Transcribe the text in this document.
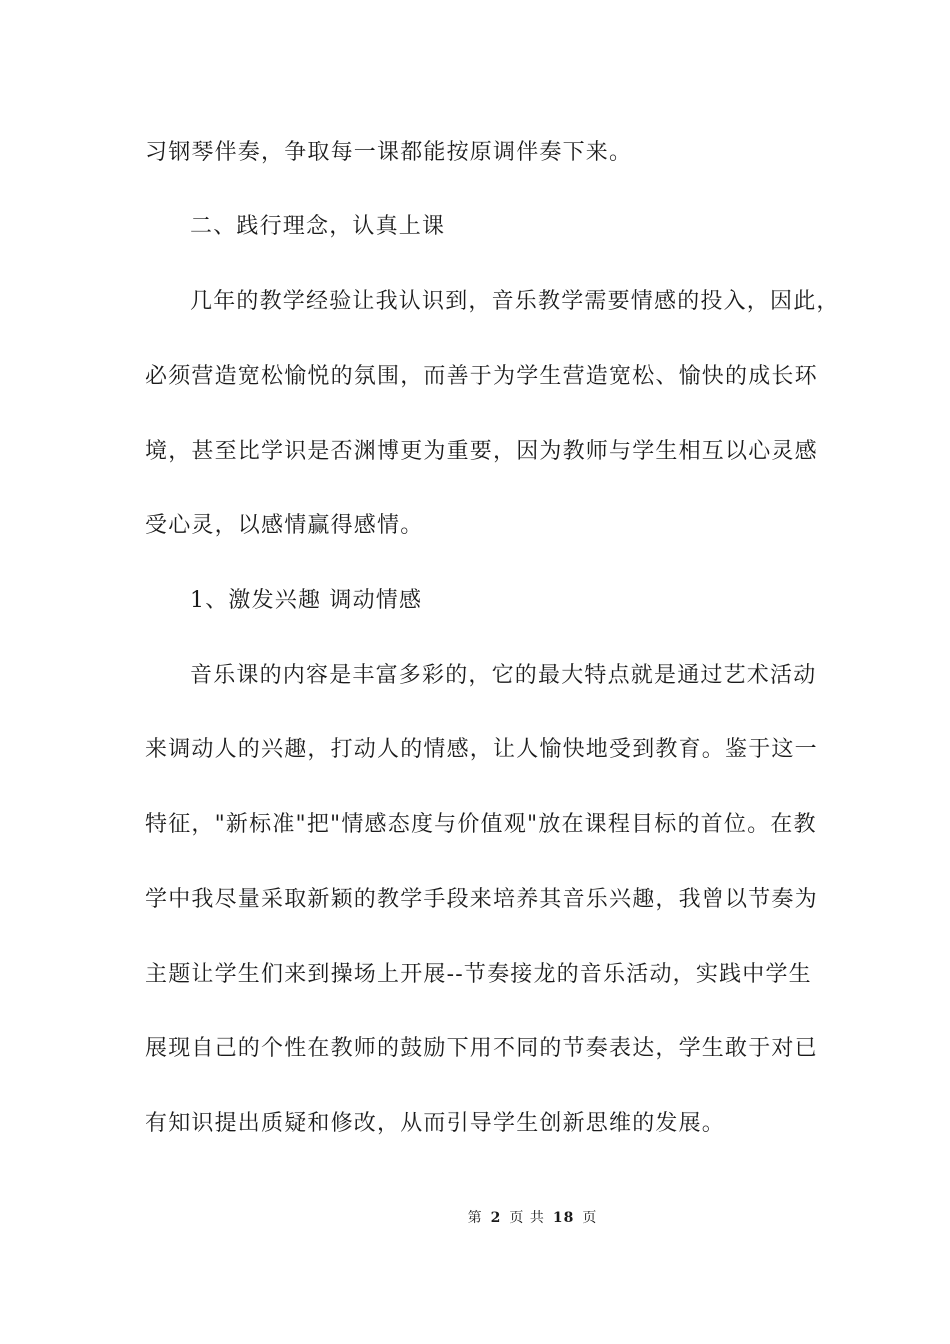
习钢琴伴奏，争取每一课都能按原调伴奏下来。
二、践行理念，认真上课
几年的教学经验让我认识到，音乐教学需要情感的投入，因此，
必须营造宽松愉悦的氛围，而善于为学生营造宽松、愉快的成长环
境，甚至比学识是否渊博更为重要，因为教师与学生相互以心灵感
受心灵，以感情赢得感情。
1、激发兴趣 调动情感
音乐课的内容是丰富多彩的，它的最大特点就是通过艺术活动
来调动人的兴趣，打动人的情感，让人愉快地受到教育。鉴于这一
特征，"新标准"把"情感态度与价值观"放在课程目标的首位。在教
学中我尽量采取新颖的教学手段来培养其音乐兴趣，我曾以节奏为
主题让学生们来到操场上开展--节奏接龙的音乐活动，实践中学生
展现自己的个性在教师的鼓励下用不同的节奏表达，学生敢于对已
有知识提出质疑和修改，从而引导学生创新思维的发展。
第 2 页 共 18 页
